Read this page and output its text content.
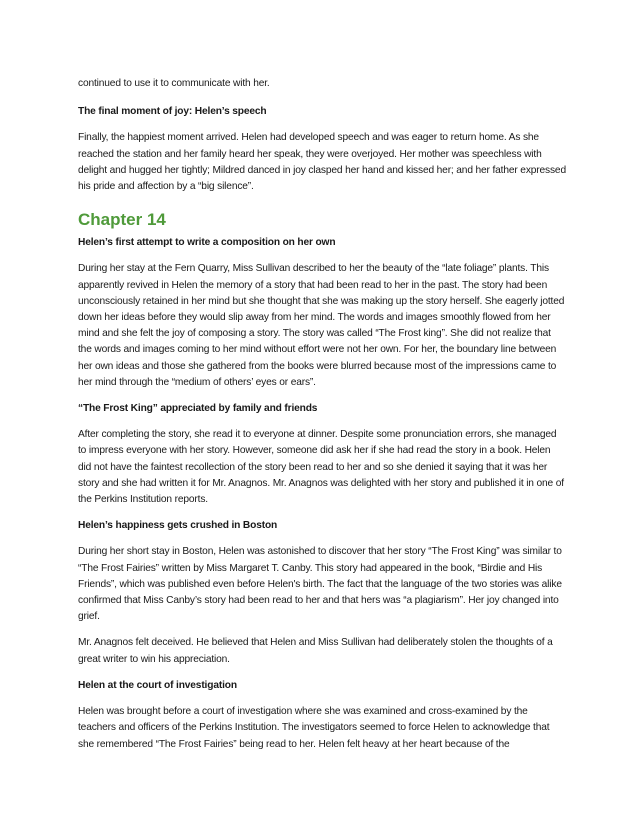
continued to use it to communicate with her.

The final moment of joy: Helen’s speech

Finally, the happiest moment arrived. Helen had developed speech and was eager to return home. As she reached the station and her family heard her speak, they were overjoyed. Her mother was speechless with delight and hugged her tightly; Mildred danced in joy clasped her hand and kissed her; and her father expressed his pride and affection by a “big silence”.

Chapter 14

Helen’s first attempt to write a composition on her own

During her stay at the Fern Quarry, Miss Sullivan described to her the beauty of the “late foliage” plants. This apparently revived in Helen the memory of a story that had been read to her in the past. The story had been unconsciously retained in her mind but she thought that she was making up the story herself. She eagerly jotted down her ideas before they would slip away from her mind. The words and images smoothly flowed from her mind and she felt the joy of composing a story. The story was called “The Frost king”. She did not realize that the words and images coming to her mind without effort were not her own. For her, the boundary line between her own ideas and those she gathered from the books were blurred because most of the impressions came to her mind through the “medium of others’ eyes or ears”.

“The Frost King” appreciated by family and friends

After completing the story, she read it to everyone at dinner. Despite some pronunciation errors, she managed to impress everyone with her story. However, someone did ask her if she had read the story in a book. Helen did not have the faintest recollection of the story been read to her and so she denied it saying that it was her story and she had written it for Mr. Anagnos. Mr. Anagnos was delighted with her story and published it in one of the Perkins Institution reports.

Helen’s happiness gets crushed in Boston

During her short stay in Boston, Helen was astonished to discover that her story “The Frost King” was similar to “The Frost Fairies” written by Miss Margaret T. Canby. This story had appeared in the book, “Birdie and His Friends”, which was published even before Helen's birth. The fact that the language of the two stories was alike confirmed that Miss Canby’s story had been read to her and that hers was “a plagiarism”. Her joy changed into grief.

Mr. Anagnos felt deceived. He believed that Helen and Miss Sullivan had deliberately stolen the thoughts of a great writer to win his appreciation.

Helen at the court of investigation

Helen was brought before a court of investigation where she was examined and cross-examined by the teachers and officers of the Perkins Institution. The investigators seemed to force Helen to acknowledge that she remembered “The Frost Fairies” being read to her. Helen felt heavy at her heart because of the
